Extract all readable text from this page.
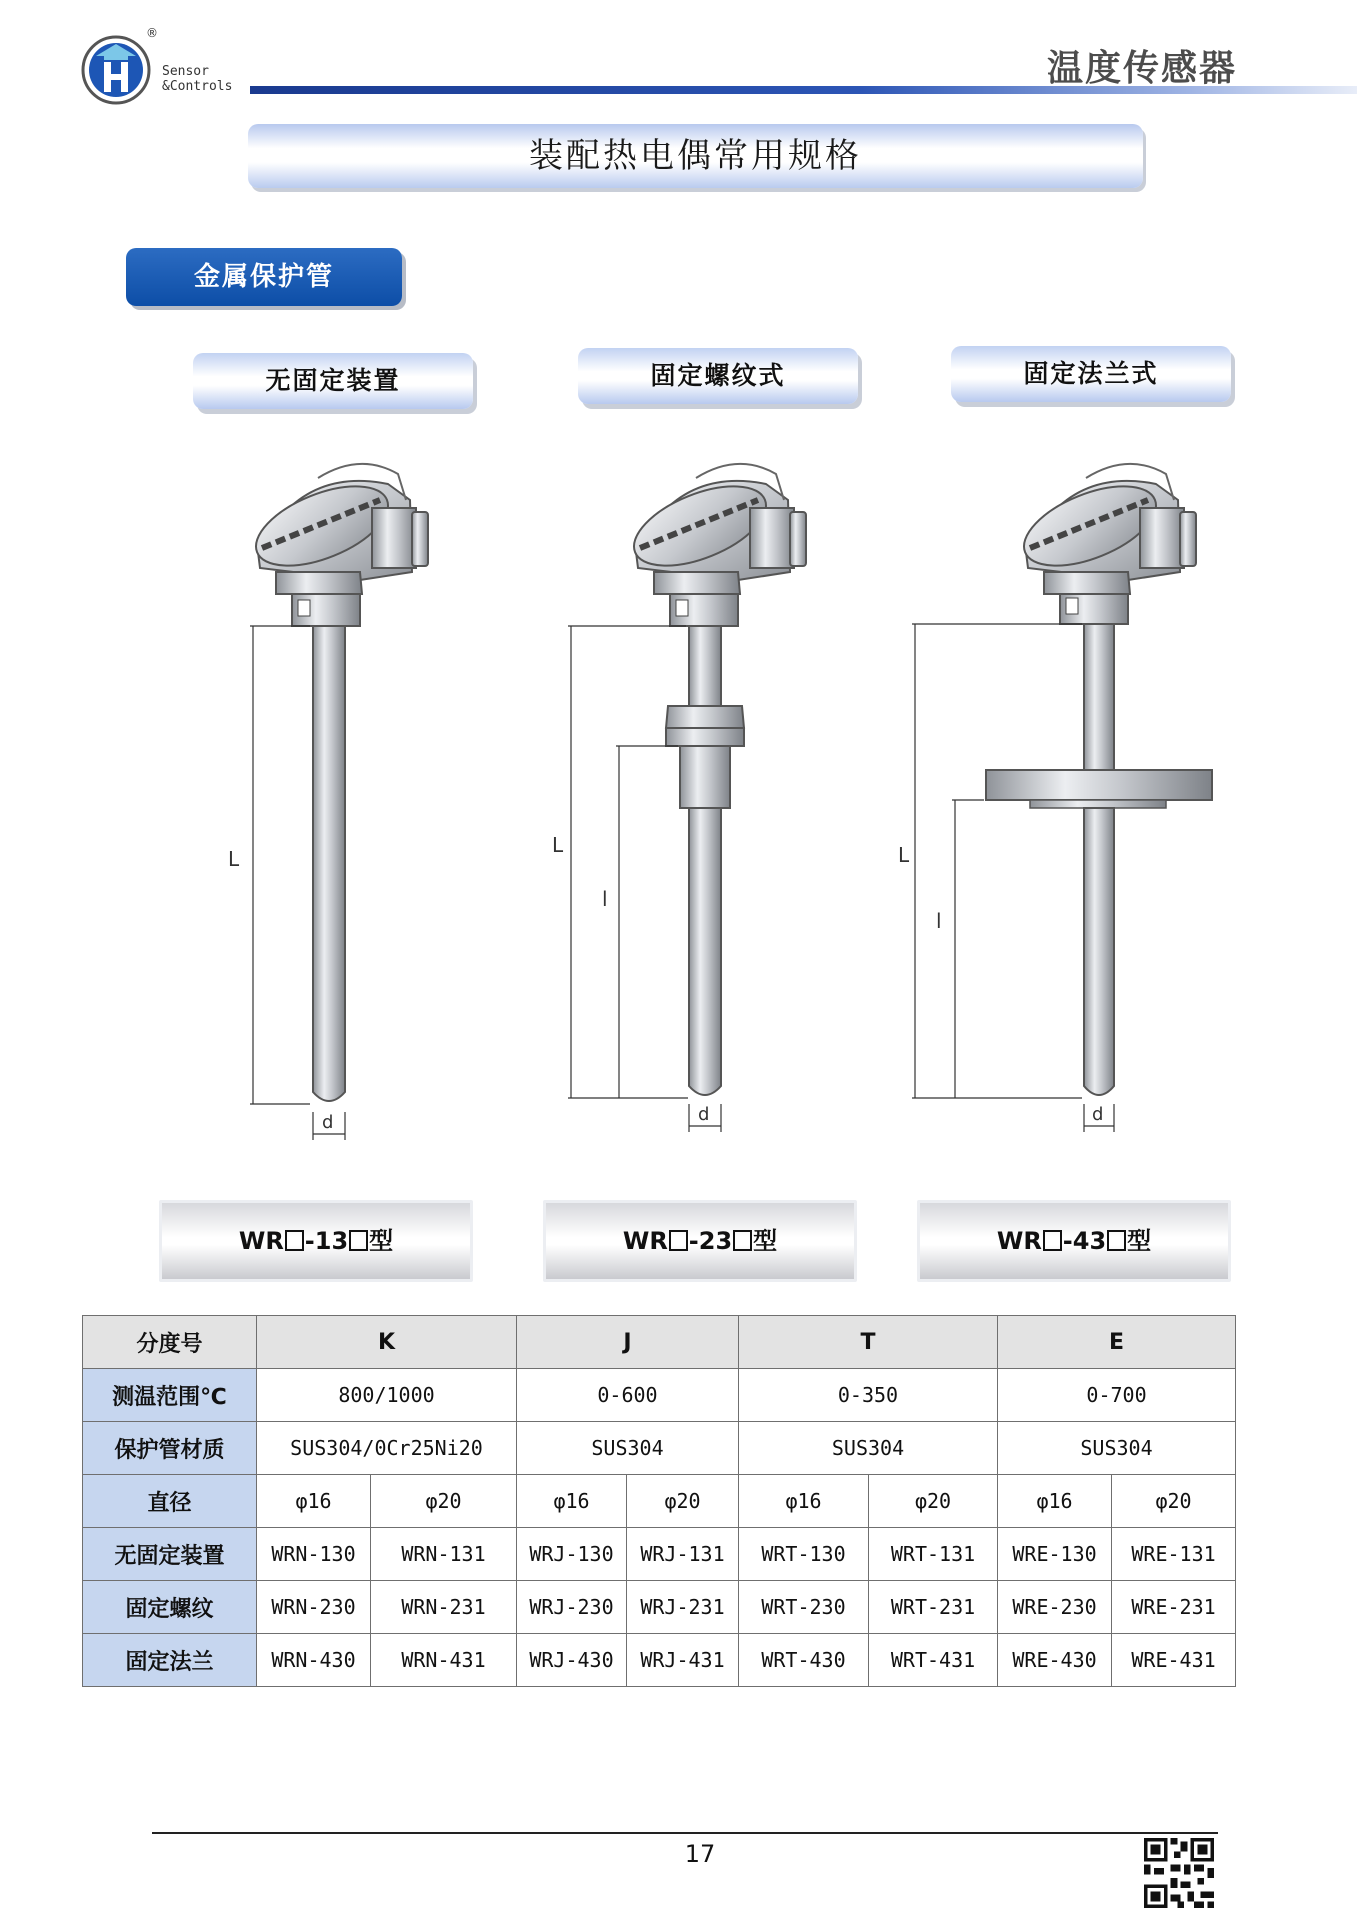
®
Sensor
&Controls	温度传感器
装配热电偶常用规格
金属保护管
无固定装置	固定螺纹式	固定法兰式
L
d
L
l
d
L
l
d
WR -13 型	WR -23 型	WR -43 型
分度号	K		J		T		E	
测温范围℃	800/1000		0-600		0-350		0-700	
保护管材质	SUS304/0Cr25Ni20		SUS304		SUS304		SUS304	
直径	φ16	φ20	φ16	φ20	φ16	φ20	φ16	φ20
无固定装置	WRN-130	WRN-131	WRJ-130	WRJ-131	WRT-130	WRT-131	WRE-130	WRE-131
固定螺纹	WRN-230	WRN-231	WRJ-230	WRJ-231	WRT-230	WRT-231	WRE-230	WRE-231
固定法兰	WRN-430	WRN-431	WRJ-430	WRJ-431	WRT-430	WRT-431	WRE-430	WRE-431
17
